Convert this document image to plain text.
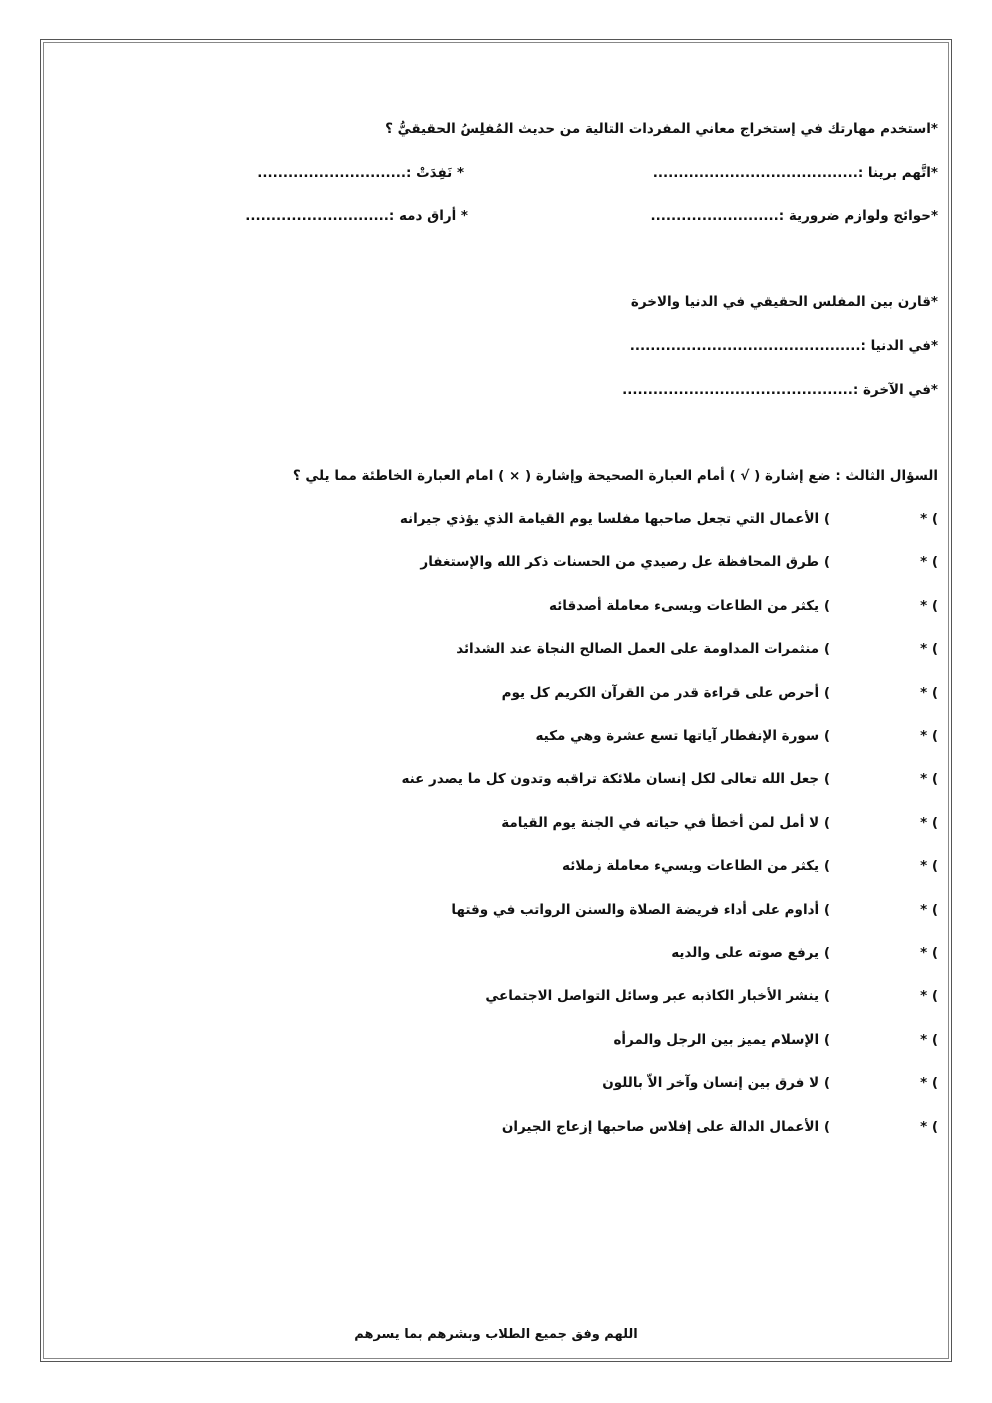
*استخدم مهارتك في إستخراج معاني المفردات التالية من حديث المُفلِسُ الحقيقيُّ ؟
*اتَّهم برينا :........................................
* نَفِدَتْ :.............................
*حوائج ولوازم ضرورية :.........................
* أراق دمه :............................
*قارن بين المفلس الحقيقي في الدنيا والاخرة
*في الدنيا :.............................................
*في الآخرة :.............................................
السؤال الثالث : ضع إشارة ( √ ) أمام العبارة الصحيحة وإشارة ( × ) امام العبارة الخاطئة مما يلي ؟
* (
) الأعمال التي تجعل صاحبها مفلسا يوم القيامة الذي يؤذي جيرانه
* (
) طرق المحافظة عل رصيدي من الحسنات ذكر الله والإستغفار
* (
) يكثر من الطاعات ويسىء معاملة أصدقائه
* (
) منثمرات المداومة على العمل الصالح النجاة عند الشدائد
* (
) أحرص على قراءة قدر من القرآن الكريم كل يوم
* (
) سورة الإنفطار آياتها تسع عشرة وهي مكيه
* (
) جعل الله تعالى لكل إنسان ملائكة تراقبه وتدون كل ما يصدر عنه
* (
) لا أمل لمن أخطأ في حياته في الجنة يوم القيامة
* (
) يكثر من الطاعات ويسيء معاملة زملائه
* (
) أداوم على أداء فريضة الصلاة والسنن الرواتب في وقتها
* (
) يرفع صوته على والديه
* (
) ينشر الأخبار الكاذبه عبر وسائل التواصل الاجتماعي
* (
) الإسلام يميز بين الرجل والمرأه
* (
) لا فرق بين إنسان وآخر الاّ باللون
* (
) الأعمال الدالة على إفلاس صاحبها إزعاج الجيران
اللهم وفق جميع الطلاب وبشرهم بما يسرهم
